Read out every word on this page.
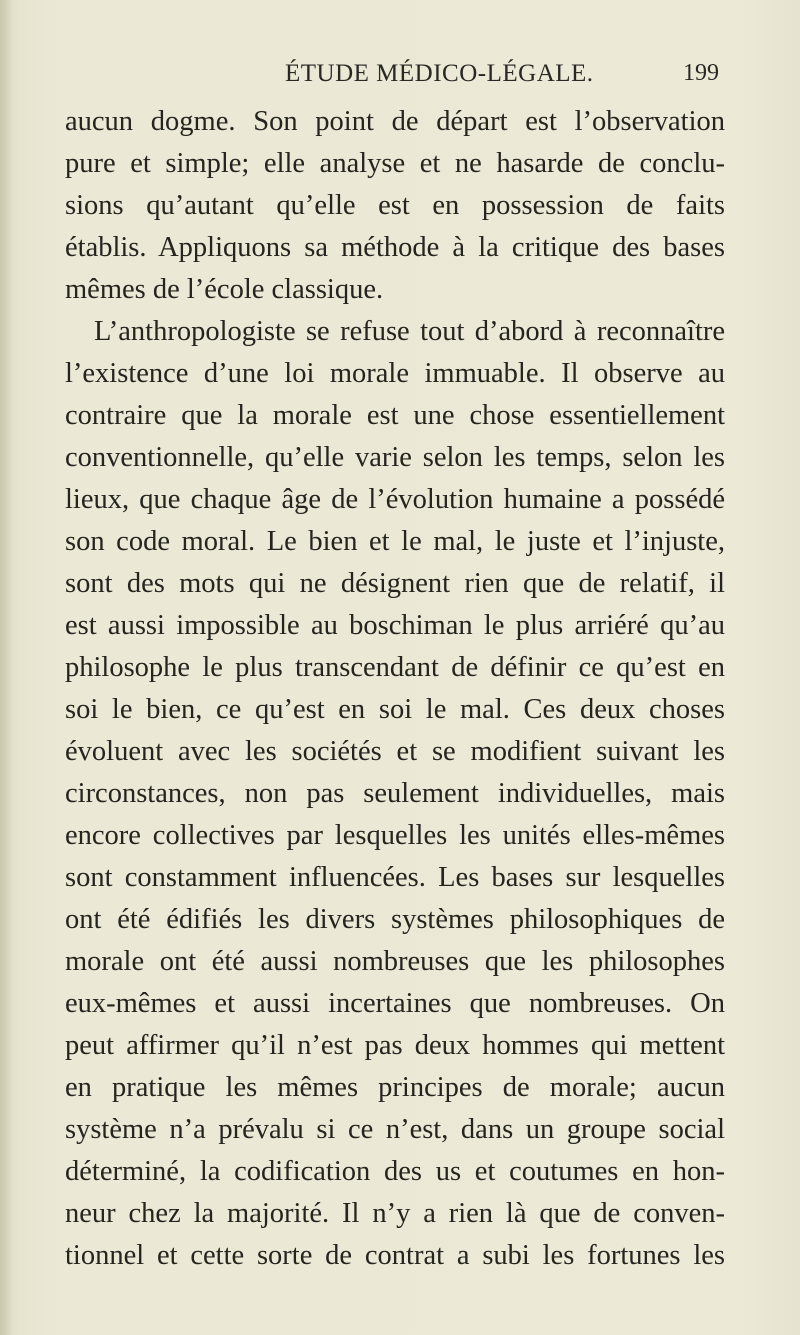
ÉTUDE MÉDICO-LÉGALE.	199
aucun dogme. Son point de départ est l’observation
pure et simple; elle analyse et ne hasarde de conclu-
sions qu’autant qu’elle est en possession de faits
établis. Appliquons sa méthode à la critique des bases
mêmes de l’école classique.
L’anthropologiste se refuse tout d’abord à reconnaître
l’existence d’une loi morale immuable. Il observe au
contraire que la morale est une chose essentiellement
conventionnelle, qu’elle varie selon les temps, selon les
lieux, que chaque âge de l’évolution humaine a possédé
son code moral. Le bien et le mal, le juste et l’injuste,
sont des mots qui ne désignent rien que de relatif, il
est aussi impossible au boschiman le plus arriéré qu’au
philosophe le plus transcendant de définir ce qu’est en
soi le bien, ce qu’est en soi le mal. Ces deux choses
évoluent avec les sociétés et se modifient suivant les
circonstances, non pas seulement individuelles, mais
encore collectives par lesquelles les unités elles-mêmes
sont constamment influencées. Les bases sur lesquelles
ont été édifiés les divers systèmes philosophiques de
morale ont été aussi nombreuses que les philosophes
eux-mêmes et aussi incertaines que nombreuses. On
peut affirmer qu’il n’est pas deux hommes qui mettent
en pratique les mêmes principes de morale; aucun
système n’a prévalu si ce n’est, dans un groupe social
déterminé, la codification des us et coutumes en hon-
neur chez la majorité. Il n’y a rien là que de conven-
tionnel et cette sorte de contrat a subi les fortunes les
